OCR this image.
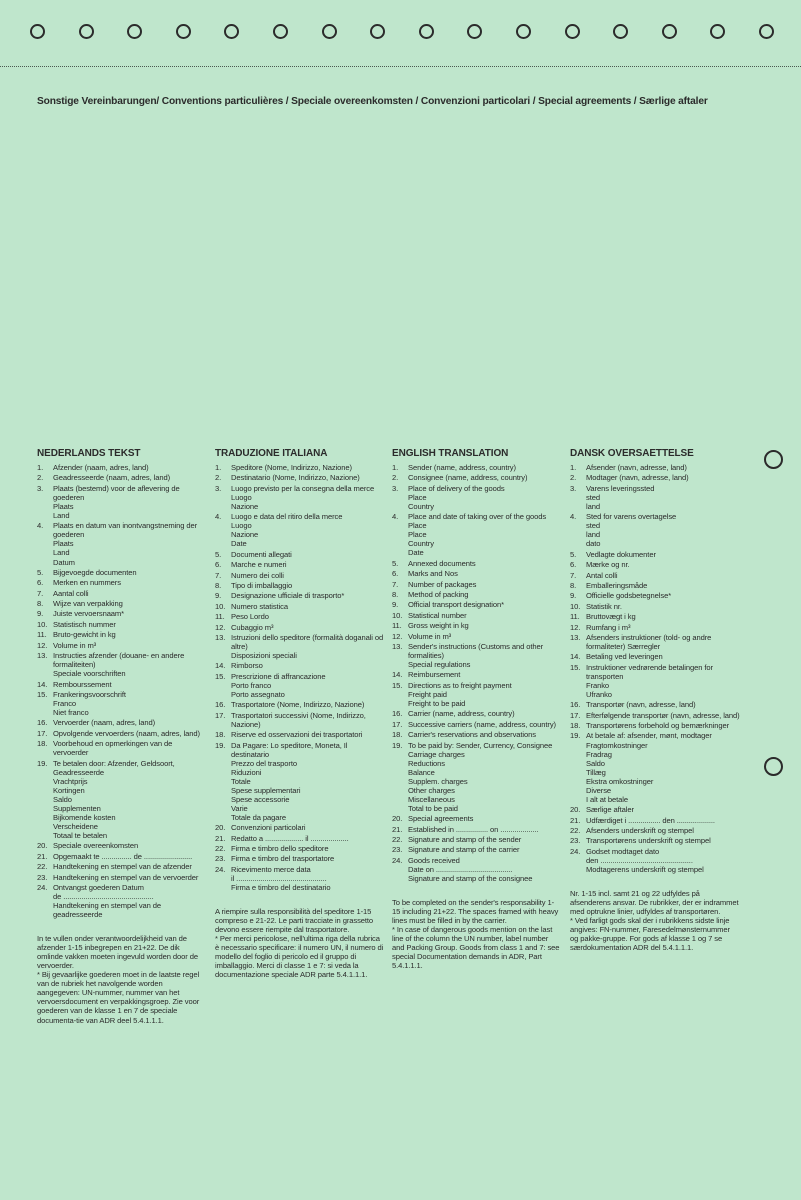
Sonstige Vereinbarungen/ Conventions particulières / Speciale overeenkomsten / Convenzioni particolari / Special agreements / Særlige aftaler
NEDERLANDS TEKST
1.	Afzender (naam, adres, land)
2.	Geadresseerde (naam, adres, land)
3.	Plaats (bestemd) voor de aflevering de goederen
Plaats
Land
4.	Plaats en datum van inontvangstneming der goederen
Plaats
Land
Datum
5.	Bijgevoegde documenten
6.	Merken en nummers
7.	Aantal colli
8.	Wijze van verpakking
9.	Juiste vervoersnaam*
10. Statistisch nummer
11. Bruto-gewicht in kg
12. Volume in m³
13. Instructies afzender (douane- en andere formaliteiten)
Speciale voorschriften
14. Rembourssement
15. Frankeringsvoorschrift
Franco
Niet franco
16. Vervoerder (naam, adres, land)
17. Opvolgende vervoerders (naam, adres, land)
18. Voorbehoud en opmerkingen van de vervoerder
19. Te betalen door: Afzender, Geldsoort, Geadresseerde
Vrachtprijs
Kortingen
Saldo
Supplementen
Bijkomende kosten
Verscheidene
Totaal te betalen
20. Speciale overeenkomsten
21. Opgemaakt te ............... de ........................
22. Handtekening en stempel van de afzender
23. Handtekening en stempel van de vervoerder
24. Ontvangst goederen Datum
de .............................................
Handtekening en stempel van de geadresseerde

In te vullen onder verantwoordelijkheid van de afzender 1-15 inbegrepen en 21+22. De dik omlinde vakken moeten ingevuld worden door de vervoerder.

* Bij gevaarlijke goederen moet in de laatste regel van de rubriek het navolgende worden aangegeven: UN-nummer, nummer van het vervoersdocument en verpakkingsgroep. Zie voor goederen van de klasse 1 en 7 de speciale documenta-tie van ADR deel 5.4.1.1.1.

TRADUZIONE ITALIANA
1.	Speditore (Nome, Indirizzo, Nazione)
2.	Destinatario (Nome, Indirizzo, Nazione)
3.	Luogo previsto per la consegna della merce
Luogo
Nazione
4.	Luogo e data del ritiro della merce
Luogo
Nazione
Date
5.	Documenti allegati
6.	Marche e numeri
7.	Numero dei colli
8.	Tipo di imballaggio
9.	Designazione ufficiale di trasporto*
10. Numero statistica
11. Peso Lordo
12. Cubaggio m³
13. Istruzioni dello speditore (formalità doganali od altre)
Disposizioni speciali
14. Rimborso
15. Prescrizione di affrancazione
Porto franco
Porto assegnato
16. Trasportatore (Nome, Indirizzo, Nazione)
17. Trasportatori successivi (Nome, Indirizzo, Nazione)
18. Riserve ed osservazioni dei trasportatori
19. Da Pagare: Lo speditore, Moneta, Il destinatario
Prezzo del trasporto
Riduzioni
Totale
Spese supplementari
Spese accessorie
Varie
Totale da pagare
20. Convenzioni particolari
21. Redatto a ................... il ...................
22. Firma e timbro dello speditore
23. Firma e timbro del trasportatore
24. Ricevimento merce data
il .............................................
Firma e timbro del destinatario

A riempire sulla responsibilità del speditore 1-15 compreso e 21-22. Le parti tracciate in grassetto devono essere riempite dal trasportatore.

* Per merci pericolose, nell'ultima riga della rubrica è necessario specificare: il numero UN, il numero di modello del foglio di pericolo ed il gruppo di imballaggio. Merci di classe 1 e 7: si veda la documentazione speciale ADR parte 5.4.1.1.1.

ENGLISH TRANSLATION
1.	Sender (name, address, country)
2.	Consignee (name, address, country)
3.	Place of delivery of the goods
Place
Country
4.	Place and date of taking over of the goods Place
Place
Country
Date
5.	Annexed documents
6.	Marks and Nos
7.	Number of packages
8.	Method of packing
9.	Official transport designation*
10. Statistical number
11. Gross weight in kg
12. Volume in m³
13. Sender's instructions (Customs and other formalities)
Special regulations
14. Reimbursement
15. Directions as to freight payment
Freight paid
Freight to be paid
16. Carrier (name, address, country)
17. Successive carriers (name, address, country)
18. Carrier's reservations and observations
19. To be paid by: Sender, Currency, Consignee
Carriage charges
Reductions
Balance
Supplem. charges
Other charges
Miscellaneous
Total to be paid
20. Special agreements
21. Established in ................ on ...................
22. Signature and stamp of the sender
23. Signature and stamp of the carrier
24. Goods received
Date on ......................................
Signature and stamp of the consignee

To be completed on the sender's responsability 1-15 including 21+22. The spaces framed with heavy lines must be filled in by the carrier.

* In case of dangerous goods mention on the last line of the column the UN number, label number and Packing Group. Goods from class 1 and 7: see special Documentation demands in ADR, Part 5.4.1.1.1.

DANSK OVERSAETTELSE
1.	Afsender (navn, adresse, land)
2.	Modtager (navn, adresse, land)
3.	Varens leveringssted
sted
land
4.	Sted for varens overtagelse
sted
land
dato
5.	Vedlagte dokumenter
6.	Mærke og nr.
7.	Antal colli
8.	Emballeringsmåde
9.	Officielle godsbetegnelse*
10. Statistik nr.
11. Bruttovægt i kg
12. Rumfang i m³
13. Afsenders instruktioner (told- og andre formaliteter) Særregler
14. Betaling ved leveringen
15. Instruktioner vedrørende betalingen for transporten
Franko
Ufranko
16. Transportør (navn, adresse, land)
17. Efterfølgende transportør (navn, adresse, land)
18. Transportørens forbehold og bemærkninger
19. At betale af: afsender, mønt, modtager
Fragtomkostninger
Fradrag
Saldo
Tillæg
Ekstra omkostninger
Diverse
I alt at betale
20. Særlige aftaler
21. Udfærdiget i ................ den ...................
22. Afsenders underskrift og stempel
23. Transportørens underskrift og stempel
24. Godset modtaget dato
den ..............................................
Modtagerens underskrift og stempel

Nr. 1-15 incl. samt 21 og 22 udfyldes på afsenderens ansvar. De rubrikker, der er indrammet med optrukne linier, udfyldes af transportøren.

* Ved farligt gods skal der i rubrikkens sidste linje angives: FN-nummer, Faresedelmønsternummer og pakke-gruppe. For gods af klasse 1 og 7 se særdokumentation ADR del 5.4.1.1.1.
